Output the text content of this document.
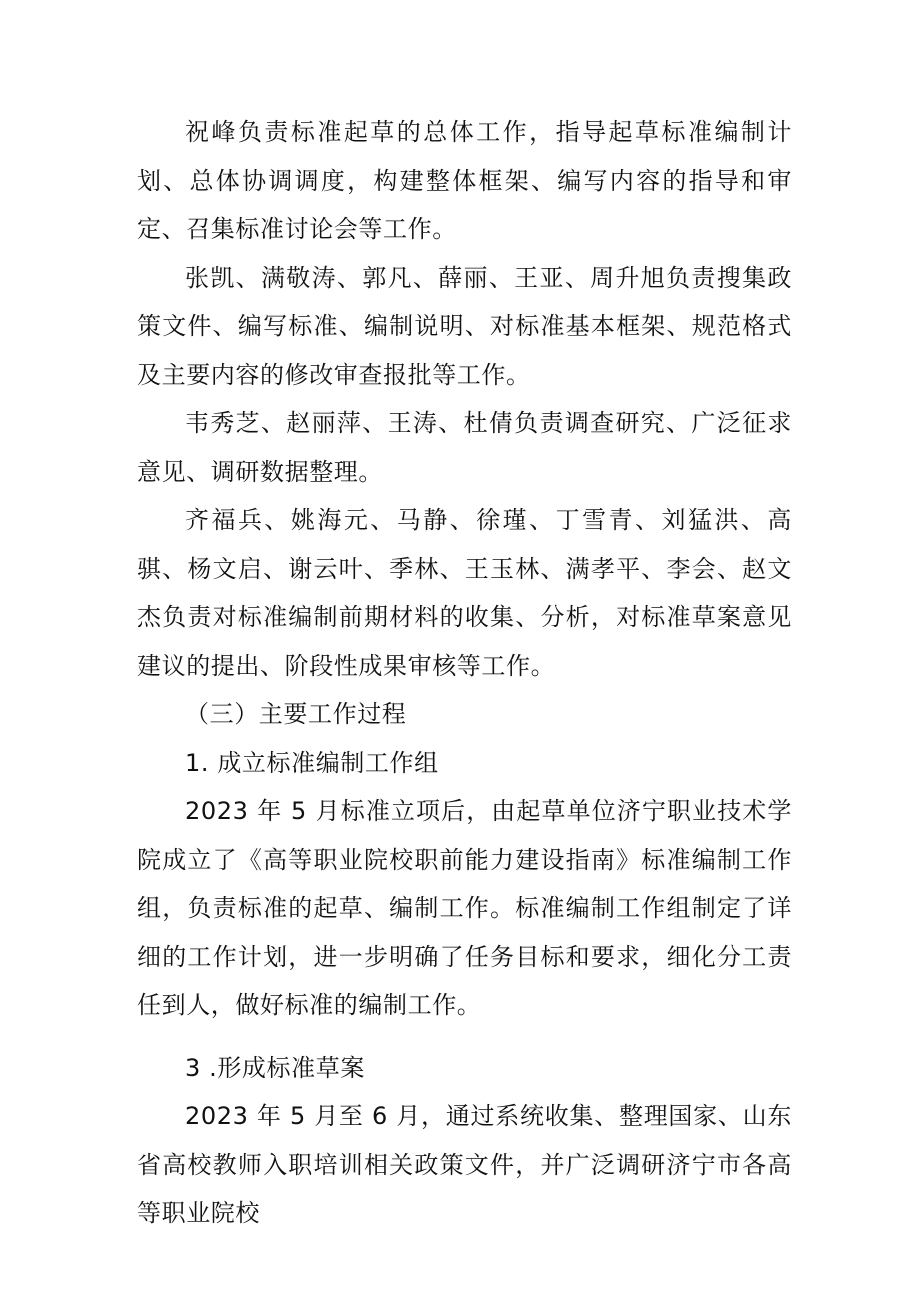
祝峰负责标准起草的总体工作，指导起草标准编制计划、总体协调调度，构建整体框架、编写内容的指导和审定、召集标准讨论会等工作。

张凯、满敬涛、郭凡、薛丽、王亚、周升旭负责搜集政策文件、编写标准、编制说明、对标准基本框架、规范格式及主要内容的修改审查报批等工作。

韦秀芝、赵丽萍、王涛、杜倩负责调查研究、广泛征求意见、调研数据整理。

齐福兵、姚海元、马静、徐瑾、丁雪青、刘猛洪、高骐、杨文启、谢云叶、季林、王玉林、满孝平、李会、赵文杰负责对标准编制前期材料的收集、分析，对标准草案意见建议的提出、阶段性成果审核等工作。

（三）主要工作过程

1. 成立标准编制工作组

2023 年 5 月标准立项后，由起草单位济宁职业技术学院成立了《高等职业院校职前能力建设指南》标准编制工作组，负责标准的起草、编制工作。标准编制工作组制定了详细的工作计划，进一步明确了任务目标和要求，细化分工责任到人，做好标准的编制工作。

3 .形成标准草案

2023 年 5 月至 6 月，通过系统收集、整理国家、山东省高校教师入职培训相关政策文件，并广泛调研济宁市各高等职业院校
